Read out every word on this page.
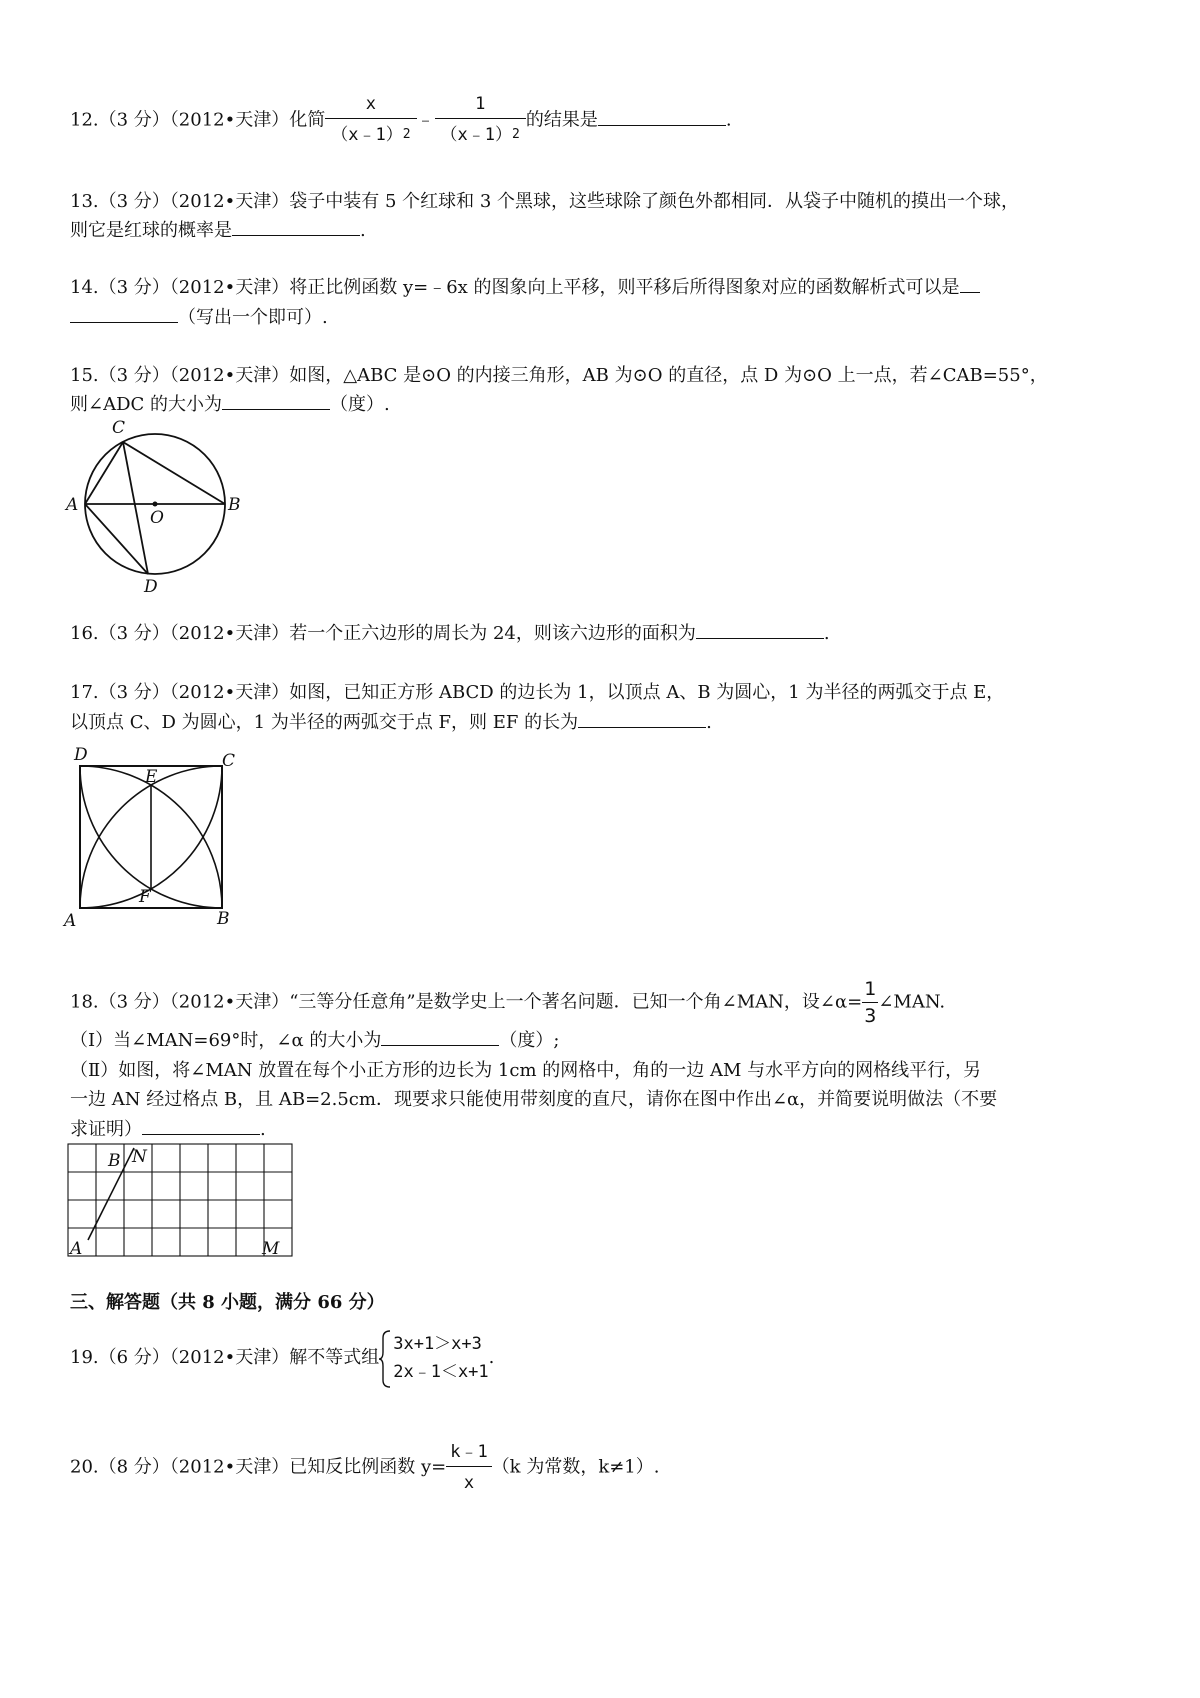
12.（3 分）（2012•天津）化简 $\frac{x}{(x﹣1)2}$ ﹣ $\frac{1}{(x﹣1)2}$ 的结果是	.
13.（3 分）（2012•天津）袋子中装有 5 个红球和 3 个黑球，这些球除了颜色外都相同．从袋子中随机的摸出一个球，
则它是红球的概率是	.
14.（3 分）（2012•天津）将正比例函数 y=﹣6x 的图象向上平移，则平移后所得图象对应的函数解析式可以是
（写出一个即可）.
15.（3 分）（2012•天津）如图，△ABC 是⊙O 的内接三角形，AB 为⊙O 的直径，点 D 为⊙O 上一点，若∠CAB=55°，
则∠ADC 的大小为	（度）.
C
A	B
O
D
16.（3 分）（2012•天津）若一个正六边形的周长为 24，则该六边形的面积为	.
17.（3 分）（2012•天津）如图，已知正方形 ABCD 的边长为 1，以顶点 A、B 为圆心，1 为半径的两弧交于点 E，
以顶点 C、D 为圆心，1 为半径的两弧交于点 F，则 EF 的长为	.
D	C
E
F
A	B
18.（3 分）（2012•天津）“三等分任意角”是数学史上一个著名问题．已知一个角∠MAN，设∠α= $\frac{1}{3}$ ∠MAN.
（Ⅰ）当∠MAN=69°时，∠α 的大小为	（度）;
（Ⅱ）如图，将∠MAN 放置在每个小正方形的边长为 1cm 的网格中，角的一边 AM 与水平方向的网格线平行，另
一边 AN 经过格点 B，且 AB=2.5cm．现要求只能使用带刻度的直尺，请你在图中作出∠α，并简要说明做法（不要
求证明）	.
B N
A	M
三、解答题（共 8 小题，满分 66 分）
19.（6 分）（2012•天津）解不等式组
3x+1＞x+3
2x﹣1＜x+1
.
20.（8 分）（2012•天津）已知反比例函数 $y= \frac{k﹣1}{x} (k$ 为常数，k≠1）.
